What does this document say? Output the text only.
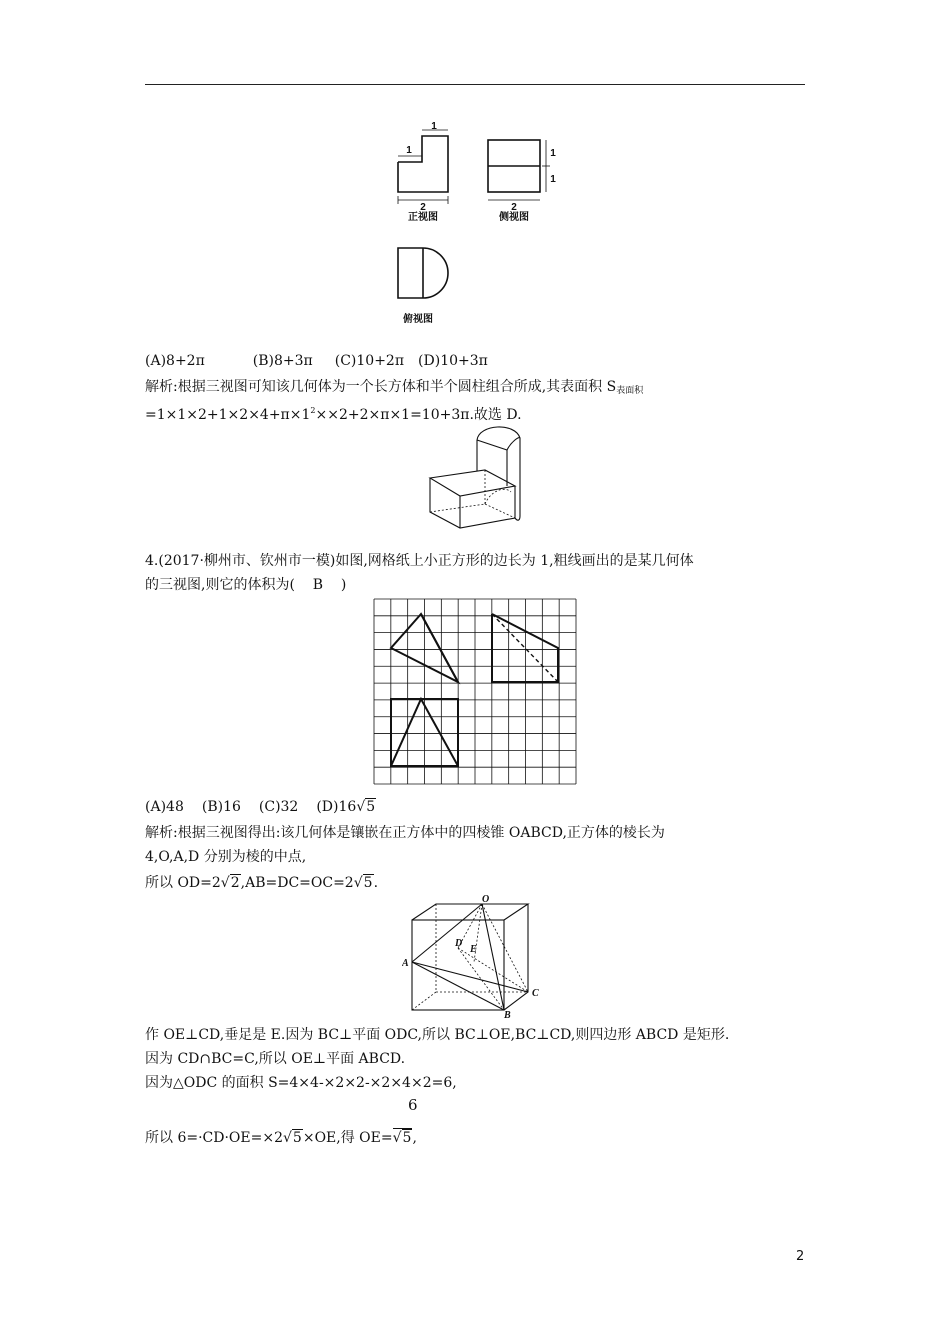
1
1
2	2
1
1
正视图	侧视图
俯视图
(A)8+2π	(B)8+3π (C)10+2π (D)10+3π
解析:根据三视图可知该几何体为一个长方体和半个圆柱组合所成,其表面积 $S_{表面积}$
$=1\times 1\times 2+1\times 2\times 4+\pi\times 1^2\times\times 2+2\times\pi\times 1=10+3\pi$.故选 D.
4.(2017·柳州市、钦州市一模)如图,网格纸上小正方形的边长为 1,粗线画出的是某几何体
的三视图,则它的体积为( B )
(A)48 (B)16 (C)32 (D)16√5
解析:根据三视图得出:该几何体是镶嵌在正方体中的四棱锥 OABCD,正方体的棱长为
4,O,A,D 分别为棱的中点,
所以 OD=2√2,AB=DC=OC=2√5.
O
A
B
C
D
E
作 OE⊥CD,垂足是 E.因为 BC⊥平面 ODC,所以 BC⊥OE,BC⊥CD,则四边形 ABCD 是矩形.
因为 CD∩BC=C,所以 OE⊥平面 ABCD.
因为△ODC 的面积 S=4×4-×2×2-×2×4×2=6,
6
所以 6=·CD·OE=×2√5×OE,得 OE=√5,
2
